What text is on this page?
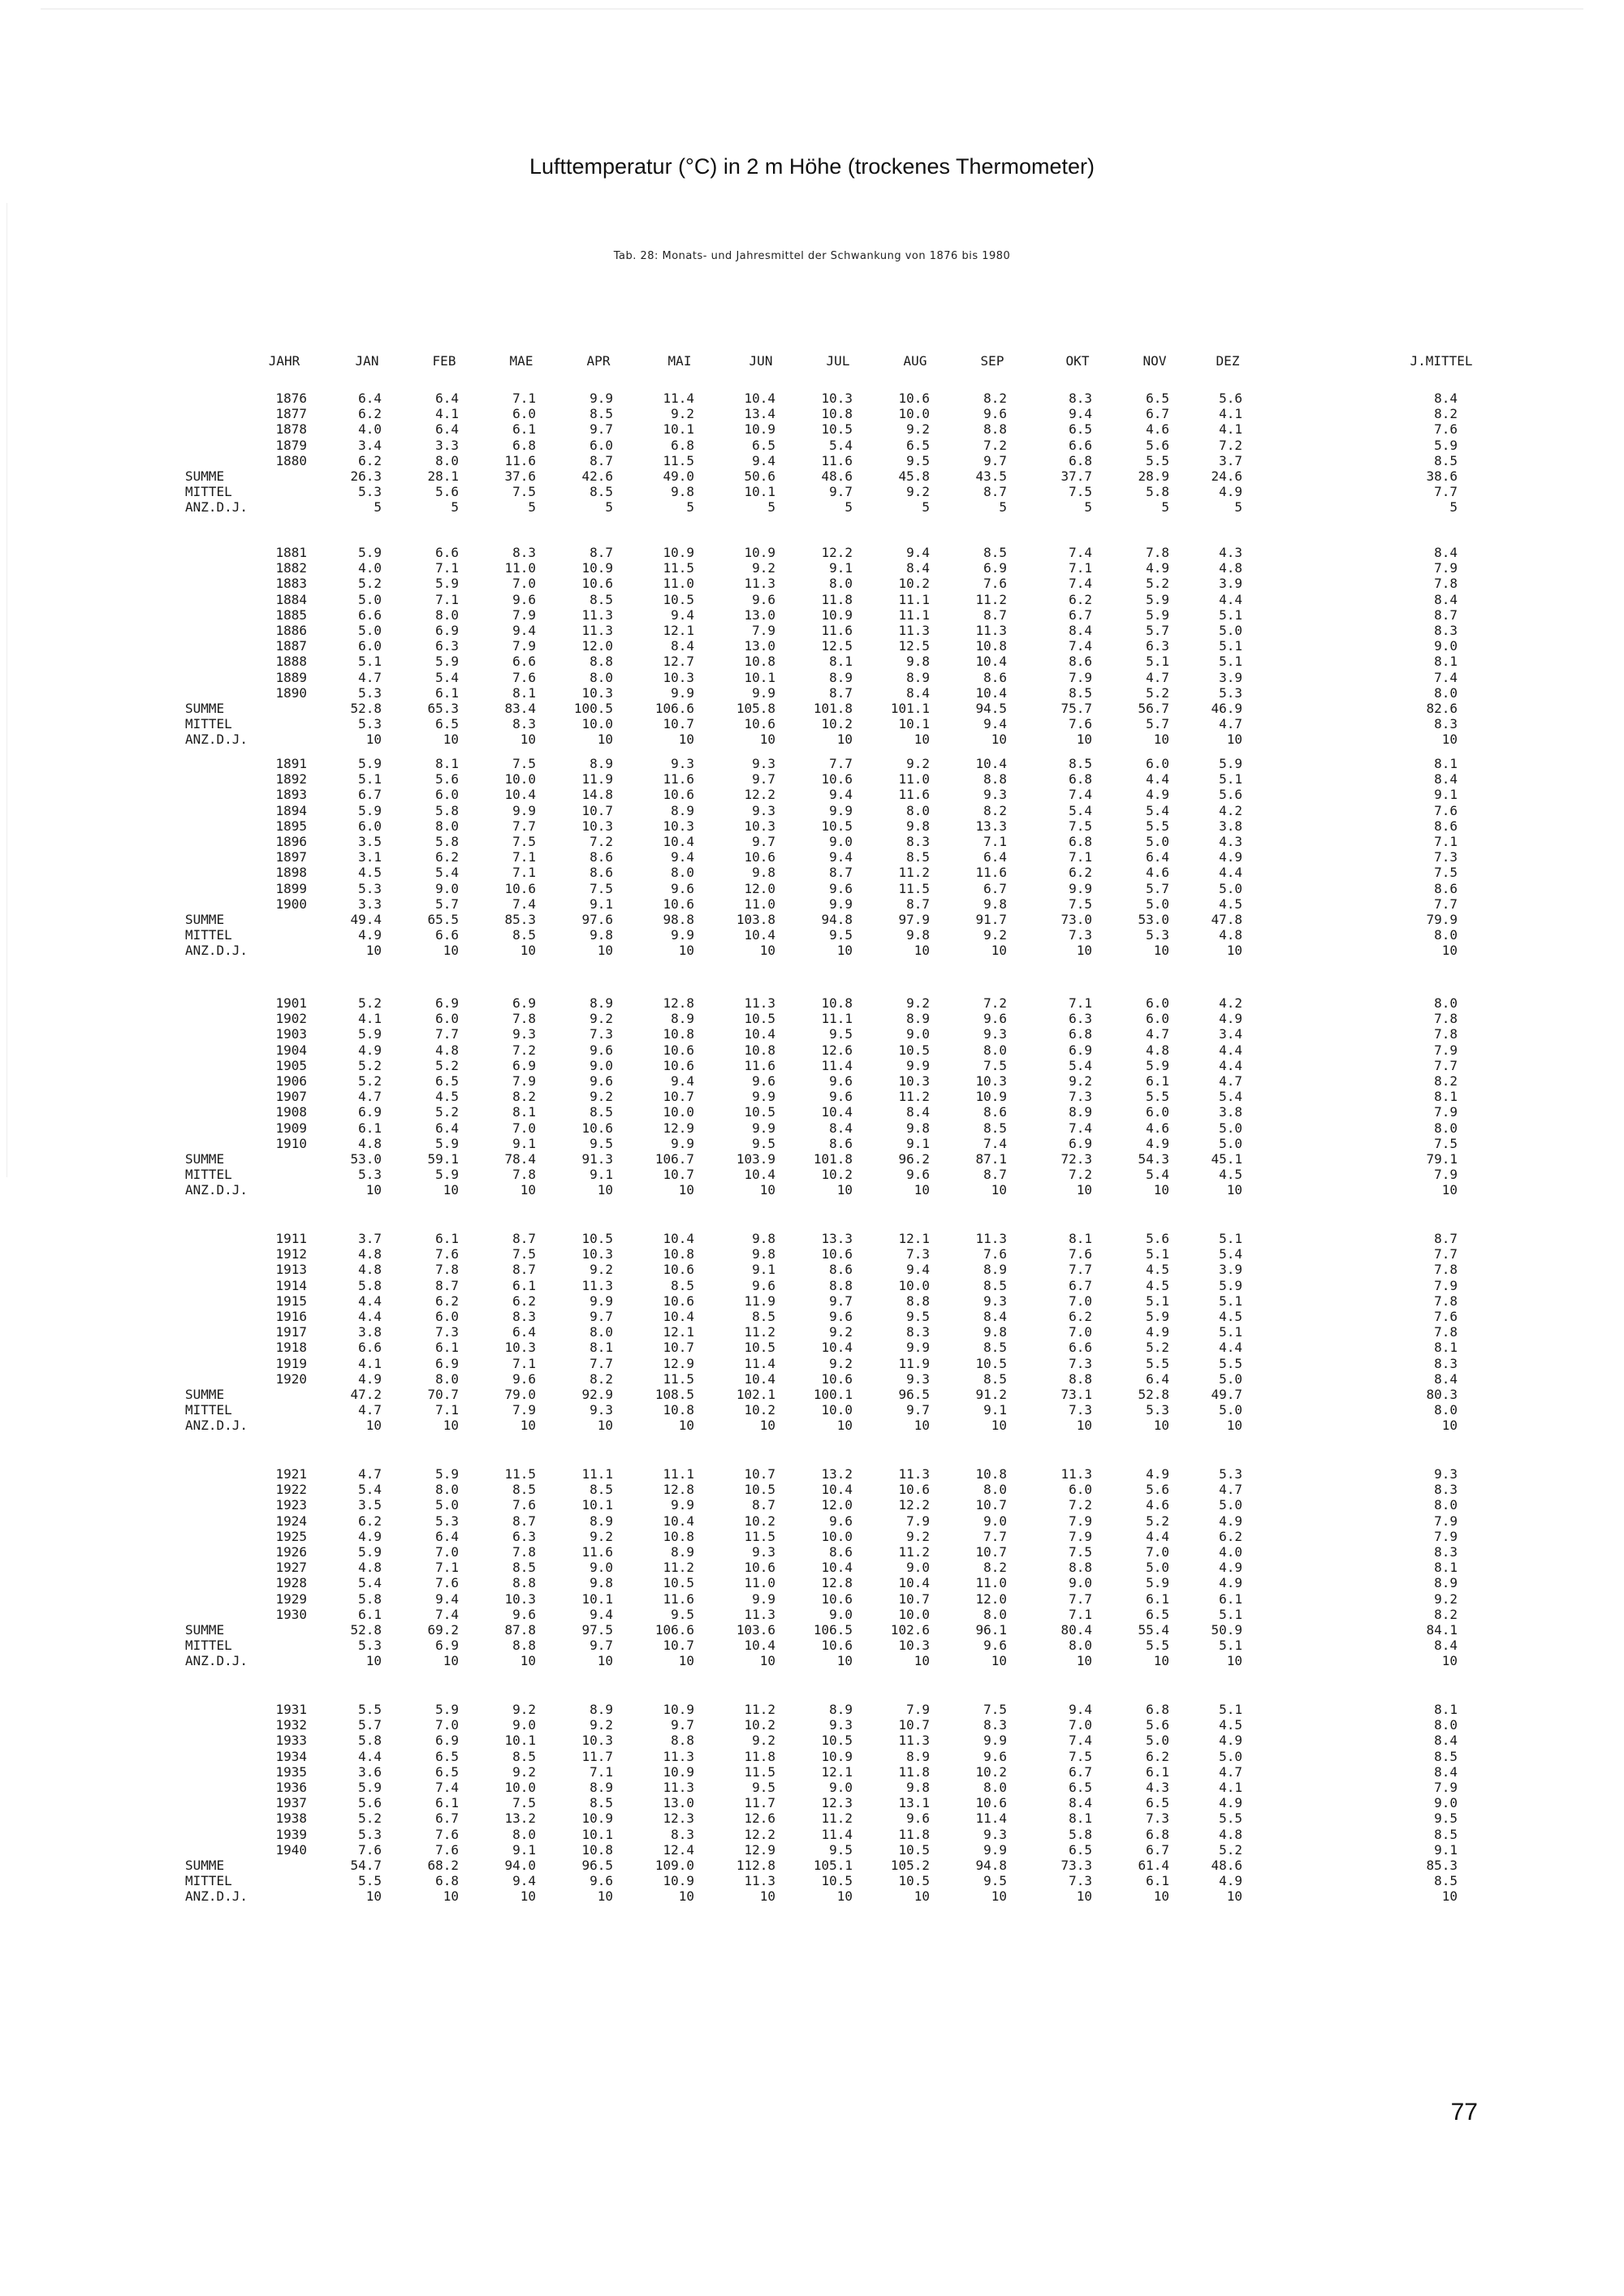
Lufttemperatur (°C) in 2 m Höhe (trockenes Thermometer)
Tab. 28: Monats- und Jahresmittel der Schwankung von 1876 bis 1980
JAHR	JAN	FEB	MAE	APR	MAI	JUN	JUL	AUG	SEP	OKT	NOV	DEZ	J.MITTEL
1876	6.4	6.4	7.1	9.9	11.4	10.4	10.3	10.6	8.2	8.3	6.5	5.6	8.4
1877	6.2	4.1	6.0	8.5	9.2	13.4	10.8	10.0	9.6	9.4	6.7	4.1	8.2
1878	4.0	6.4	6.1	9.7	10.1	10.9	10.5	9.2	8.8	6.5	4.6	4.1	7.6
1879	3.4	3.3	6.8	6.0	6.8	6.5	5.4	6.5	7.2	6.6	5.6	7.2	5.9
1880	6.2	8.0	11.6	8.7	11.5	9.4	11.6	9.5	9.7	6.8	5.5	3.7	8.5
SUMME	26.3	28.1	37.6	42.6	49.0	50.6	48.6	45.8	43.5	37.7	28.9	24.6	38.6
MITTEL	5.3	5.6	7.5	8.5	9.8	10.1	9.7	9.2	8.7	7.5	5.8	4.9	7.7
ANZ.D.J.	5	5	5	5	5	5	5	5	5	5	5	5	5
1881	5.9	6.6	8.3	8.7	10.9	10.9	12.2	9.4	8.5	7.4	7.8	4.3	8.4
1882	4.0	7.1	11.0	10.9	11.5	9.2	9.1	8.4	6.9	7.1	4.9	4.8	7.9
1883	5.2	5.9	7.0	10.6	11.0	11.3	8.0	10.2	7.6	7.4	5.2	3.9	7.8
1884	5.0	7.1	9.6	8.5	10.5	9.6	11.8	11.1	11.2	6.2	5.9	4.4	8.4
1885	6.6	8.0	7.9	11.3	9.4	13.0	10.9	11.1	8.7	6.7	5.9	5.1	8.7
1886	5.0	6.9	9.4	11.3	12.1	7.9	11.6	11.3	11.3	8.4	5.7	5.0	8.3
1887	6.0	6.3	7.9	12.0	8.4	13.0	12.5	12.5	10.8	7.4	6.3	5.1	9.0
1888	5.1	5.9	6.6	8.8	12.7	10.8	8.1	9.8	10.4	8.6	5.1	5.1	8.1
1889	4.7	5.4	7.6	8.0	10.3	10.1	8.9	8.9	8.6	7.9	4.7	3.9	7.4
1890	5.3	6.1	8.1	10.3	9.9	9.9	8.7	8.4	10.4	8.5	5.2	5.3	8.0
SUMME	52.8	65.3	83.4	100.5	106.6	105.8	101.8	101.1	94.5	75.7	56.7	46.9	82.6
MITTEL	5.3	6.5	8.3	10.0	10.7	10.6	10.2	10.1	9.4	7.6	5.7	4.7	8.3
ANZ.D.J.	10	10	10	10	10	10	10	10	10	10	10	10	10
1891	5.9	8.1	7.5	8.9	9.3	9.3	7.7	9.2	10.4	8.5	6.0	5.9	8.1
1892	5.1	5.6	10.0	11.9	11.6	9.7	10.6	11.0	8.8	6.8	4.4	5.1	8.4
1893	6.7	6.0	10.4	14.8	10.6	12.2	9.4	11.6	9.3	7.4	4.9	5.6	9.1
1894	5.9	5.8	9.9	10.7	8.9	9.3	9.9	8.0	8.2	5.4	5.4	4.2	7.6
1895	6.0	8.0	7.7	10.3	10.3	10.3	10.5	9.8	13.3	7.5	5.5	3.8	8.6
1896	3.5	5.8	7.5	7.2	10.4	9.7	9.0	8.3	7.1	6.8	5.0	4.3	7.1
1897	3.1	6.2	7.1	8.6	9.4	10.6	9.4	8.5	6.4	7.1	6.4	4.9	7.3
1898	4.5	5.4	7.1	8.6	8.0	9.8	8.7	11.2	11.6	6.2	4.6	4.4	7.5
1899	5.3	9.0	10.6	7.5	9.6	12.0	9.6	11.5	6.7	9.9	5.7	5.0	8.6
1900	3.3	5.7	7.4	9.1	10.6	11.0	9.9	8.7	9.8	7.5	5.0	4.5	7.7
SUMME	49.4	65.5	85.3	97.6	98.8	103.8	94.8	97.9	91.7	73.0	53.0	47.8	79.9
MITTEL	4.9	6.6	8.5	9.8	9.9	10.4	9.5	9.8	9.2	7.3	5.3	4.8	8.0
ANZ.D.J.	10	10	10	10	10	10	10	10	10	10	10	10	10
1901	5.2	6.9	6.9	8.9	12.8	11.3	10.8	9.2	7.2	7.1	6.0	4.2	8.0
1902	4.1	6.0	7.8	9.2	8.9	10.5	11.1	8.9	9.6	6.3	6.0	4.9	7.8
1903	5.9	7.7	9.3	7.3	10.8	10.4	9.5	9.0	9.3	6.8	4.7	3.4	7.8
1904	4.9	4.8	7.2	9.6	10.6	10.8	12.6	10.5	8.0	6.9	4.8	4.4	7.9
1905	5.2	5.2	6.9	9.0	10.6	11.6	11.4	9.9	7.5	5.4	5.9	4.4	7.7
1906	5.2	6.5	7.9	9.6	9.4	9.6	9.6	10.3	10.3	9.2	6.1	4.7	8.2
1907	4.7	4.5	8.2	9.2	10.7	9.9	9.6	11.2	10.9	7.3	5.5	5.4	8.1
1908	6.9	5.2	8.1	8.5	10.0	10.5	10.4	8.4	8.6	8.9	6.0	3.8	7.9
1909	6.1	6.4	7.0	10.6	12.9	9.9	8.4	9.8	8.5	7.4	4.6	5.0	8.0
1910	4.8	5.9	9.1	9.5	9.9	9.5	8.6	9.1	7.4	6.9	4.9	5.0	7.5
SUMME	53.0	59.1	78.4	91.3	106.7	103.9	101.8	96.2	87.1	72.3	54.3	45.1	79.1
MITTEL	5.3	5.9	7.8	9.1	10.7	10.4	10.2	9.6	8.7	7.2	5.4	4.5	7.9
ANZ.D.J.	10	10	10	10	10	10	10	10	10	10	10	10	10
1911	3.7	6.1	8.7	10.5	10.4	9.8	13.3	12.1	11.3	8.1	5.6	5.1	8.7
1912	4.8	7.6	7.5	10.3	10.8	9.8	10.6	7.3	7.6	7.6	5.1	5.4	7.7
1913	4.8	7.8	8.7	9.2	10.6	9.1	8.6	9.4	8.9	7.7	4.5	3.9	7.8
1914	5.8	8.7	6.1	11.3	8.5	9.6	8.8	10.0	8.5	6.7	4.5	5.9	7.9
1915	4.4	6.2	6.2	9.9	10.6	11.9	9.7	8.8	9.3	7.0	5.1	5.1	7.8
1916	4.4	6.0	8.3	9.7	10.4	8.5	9.6	9.5	8.4	6.2	5.9	4.5	7.6
1917	3.8	7.3	6.4	8.0	12.1	11.2	9.2	8.3	9.8	7.0	4.9	5.1	7.8
1918	6.6	6.1	10.3	8.1	10.7	10.5	10.4	9.9	8.5	6.6	5.2	4.4	8.1
1919	4.1	6.9	7.1	7.7	12.9	11.4	9.2	11.9	10.5	7.3	5.5	5.5	8.3
1920	4.9	8.0	9.6	8.2	11.5	10.4	10.6	9.3	8.5	8.8	6.4	5.0	8.4
SUMME	47.2	70.7	79.0	92.9	108.5	102.1	100.1	96.5	91.2	73.1	52.8	49.7	80.3
MITTEL	4.7	7.1	7.9	9.3	10.8	10.2	10.0	9.7	9.1	7.3	5.3	5.0	8.0
ANZ.D.J.	10	10	10	10	10	10	10	10	10	10	10	10	10
1921	4.7	5.9	11.5	11.1	11.1	10.7	13.2	11.3	10.8	11.3	4.9	5.3	9.3
1922	5.4	8.0	8.5	8.5	12.8	10.5	10.4	10.6	8.0	6.0	5.6	4.7	8.3
1923	3.5	5.0	7.6	10.1	9.9	8.7	12.0	12.2	10.7	7.2	4.6	5.0	8.0
1924	6.2	5.3	8.7	8.9	10.4	10.2	9.6	7.9	9.0	7.9	5.2	4.9	7.9
1925	4.9	6.4	6.3	9.2	10.8	11.5	10.0	9.2	7.7	7.9	4.4	6.2	7.9
1926	5.9	7.0	7.8	11.6	8.9	9.3	8.6	11.2	10.7	7.5	7.0	4.0	8.3
1927	4.8	7.1	8.5	9.0	11.2	10.6	10.4	9.0	8.2	8.8	5.0	4.9	8.1
1928	5.4	7.6	8.8	9.8	10.5	11.0	12.8	10.4	11.0	9.0	5.9	4.9	8.9
1929	5.8	9.4	10.3	10.1	11.6	9.9	10.6	10.7	12.0	7.7	6.1	6.1	9.2
1930	6.1	7.4	9.6	9.4	9.5	11.3	9.0	10.0	8.0	7.1	6.5	5.1	8.2
SUMME	52.8	69.2	87.8	97.5	106.6	103.6	106.5	102.6	96.1	80.4	55.4	50.9	84.1
MITTEL	5.3	6.9	8.8	9.7	10.7	10.4	10.6	10.3	9.6	8.0	5.5	5.1	8.4
ANZ.D.J.	10	10	10	10	10	10	10	10	10	10	10	10	10
1931	5.5	5.9	9.2	8.9	10.9	11.2	8.9	7.9	7.5	9.4	6.8	5.1	8.1
1932	5.7	7.0	9.0	9.2	9.7	10.2	9.3	10.7	8.3	7.0	5.6	4.5	8.0
1933	5.8	6.9	10.1	10.3	8.8	9.2	10.5	11.3	9.9	7.4	5.0	4.9	8.4
1934	4.4	6.5	8.5	11.7	11.3	11.8	10.9	8.9	9.6	7.5	6.2	5.0	8.5
1935	3.6	6.5	9.2	7.1	10.9	11.5	12.1	11.8	10.2	6.7	6.1	4.7	8.4
1936	5.9	7.4	10.0	8.9	11.3	9.5	9.0	9.8	8.0	6.5	4.3	4.1	7.9
1937	5.6	6.1	7.5	8.5	13.0	11.7	12.3	13.1	10.6	8.4	6.5	4.9	9.0
1938	5.2	6.7	13.2	10.9	12.3	12.6	11.2	9.6	11.4	8.1	7.3	5.5	9.5
1939	5.3	7.6	8.0	10.1	8.3	12.2	11.4	11.8	9.3	5.8	6.8	4.8	8.5
1940	7.6	7.6	9.1	10.8	12.4	12.9	9.5	10.5	9.9	6.5	6.7	5.2	9.1
SUMME	54.7	68.2	94.0	96.5	109.0	112.8	105.1	105.2	94.8	73.3	61.4	48.6	85.3
MITTEL	5.5	6.8	9.4	9.6	10.9	11.3	10.5	10.5	9.5	7.3	6.1	4.9	8.5
ANZ.D.J.	10	10	10	10	10	10	10	10	10	10	10	10	10
77
